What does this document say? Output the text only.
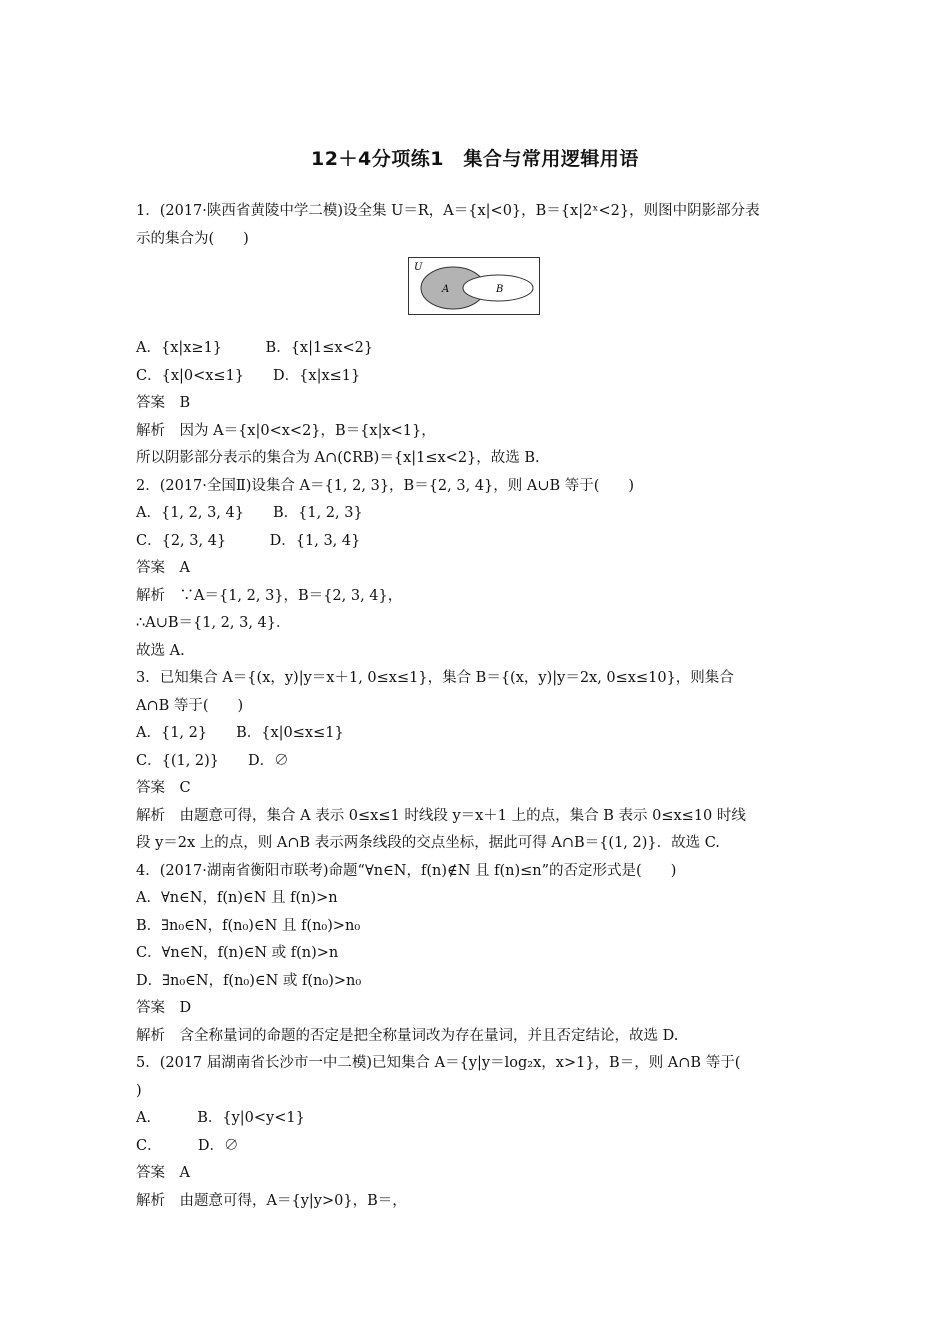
12＋4分项练1　集合与常用逻辑用语
1．(2017·陕西省黄陵中学二模)设全集 U＝R，A＝{x|<0}，B＝{x|2ˣ<2}，则图中阴影部分表
示的集合为(　　)
U
A	B
A．{x|x≥1}　　　B．{x|1≤x<2}
C．{x|0<x≤1}　　D．{x|x≤1}
答案　B
解析　因为 A＝{x|0<x<2}，B＝{x|x<1}，
所以阴影部分表示的集合为 A∩(∁RB)＝{x|1≤x<2}，故选 B.
2．(2017·全国Ⅱ)设集合 A＝{1, 2, 3}，B＝{2, 3, 4}，则 A∪B 等于(　　)
A．{1, 2, 3, 4}　　B．{1, 2, 3}
C．{2, 3, 4}　　　D．{1, 3, 4}
答案　A
解析　∵A＝{1, 2, 3}，B＝{2, 3, 4}，
∴A∪B＝{1, 2, 3, 4}．
故选 A.
3．已知集合 A＝{(x，y)|y＝x＋1, 0≤x≤1}，集合 B＝{(x，y)|y＝2x, 0≤x≤10}，则集合
A∩B 等于(　　)
A．{1, 2}　　B．{x|0≤x≤1}
C．{(1, 2)}　　D．∅
答案　C
解析　由题意可得，集合 A 表示 0≤x≤1 时线段 y＝x＋1 上的点，集合 B 表示 0≤x≤10 时线
段 y＝2x 上的点，则 A∩B 表示两条线段的交点坐标，据此可得 A∩B＝{(1, 2)}．故选 C.
4．(2017·湖南省衡阳市联考)命题“∀n∈N，f(n)∉N 且 f(n)≤n”的否定形式是(　　)
A．∀n∈N，f(n)∈N 且 f(n)>n
B．∃n₀∈N，f(n₀)∈N 且 f(n₀)>n₀
C．∀n∈N，f(n)∈N 或 f(n)>n
D．∃n₀∈N，f(n₀)∈N 或 f(n₀)>n₀
答案　D
解析　含全称量词的命题的否定是把全称量词改为存在量词，并且否定结论，故选 D.
5．(2017 届湖南省长沙市一中二模)已知集合 A＝{y|y＝log₂x，x>1}，B＝，则 A∩B 等于(
)
A．　　　B．{y|0<y<1}
C．　　　D．∅
答案　A
解析　由题意可得，A＝{y|y>0}，B＝，
